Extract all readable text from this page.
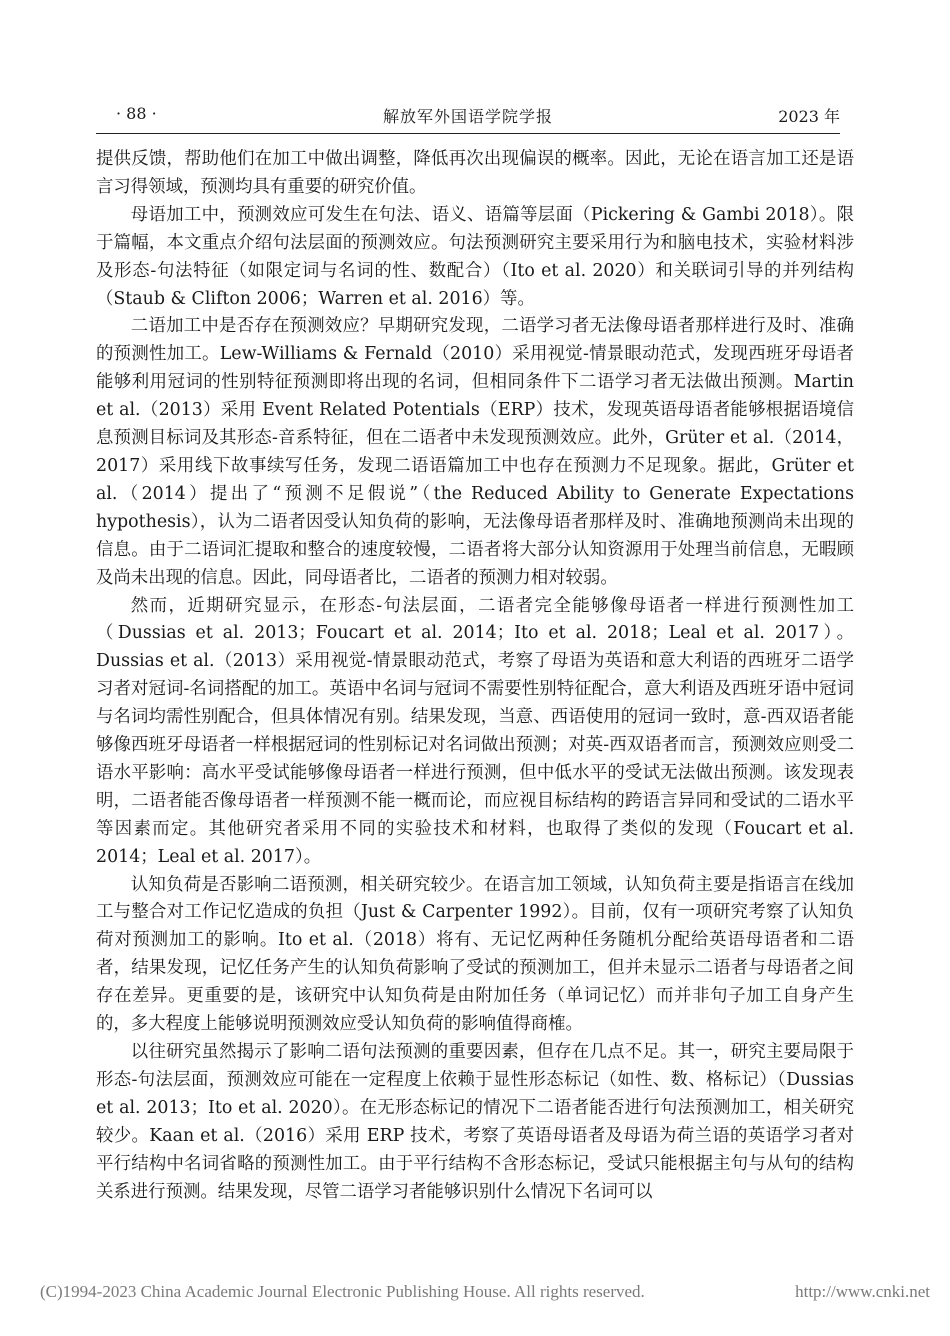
· 88 ·	解放军外国语学院学报	2023 年

提供反馈，帮助他们在加工中做出调整，降低再次出现偏误的概率。因此，无论在语言加工还是语言习得领域，预测均具有重要的研究价值。

母语加工中，预测效应可发生在句法、语义、语篇等层面（Pickering & Gambi 2018）。限于篇幅，本文重点介绍句法层面的预测效应。句法预测研究主要采用行为和脑电技术，实验材料涉及形态-句法特征（如限定词与名词的性、数配合）（Ito et al. 2020）和关联词引导的并列结构（Staub & Clifton 2006；Warren et al. 2016）等。

二语加工中是否存在预测效应？早期研究发现，二语学习者无法像母语者那样进行及时、准确的预测性加工。Lew-Williams & Fernald（2010）采用视觉-情景眼动范式，发现西班牙母语者能够利用冠词的性别特征预测即将出现的名词，但相同条件下二语学习者无法做出预测。Martin et al.（2013）采用 Event Related Potentials（ERP）技术，发现英语母语者能够根据语境信息预测目标词及其形态-音系特征，但在二语者中未发现预测效应。此外，Grüter et al.（2014，2017）采用线下故事续写任务，发现二语语篇加工中也存在预测力不足现象。据此，Grüter et al.（2014）提出了“预测不足假说”（the Reduced Ability to Generate Expectations hypothesis），认为二语者因受认知负荷的影响，无法像母语者那样及时、准确地预测尚未出现的信息。由于二语词汇提取和整合的速度较慢，二语者将大部分认知资源用于处理当前信息，无暇顾及尚未出现的信息。因此，同母语者比，二语者的预测力相对较弱。

然而，近期研究显示，在形态-句法层面，二语者完全能够像母语者一样进行预测性加工（Dussias et al. 2013；Foucart et al. 2014；Ito et al. 2018；Leal et al. 2017）。Dussias et al.（2013）采用视觉-情景眼动范式，考察了母语为英语和意大利语的西班牙二语学习者对冠词-名词搭配的加工。英语中名词与冠词不需要性别特征配合，意大利语及西班牙语中冠词与名词均需性别配合，但具体情况有别。结果发现，当意、西语使用的冠词一致时，意-西双语者能够像西班牙母语者一样根据冠词的性别标记对名词做出预测；对英-西双语者而言，预测效应则受二语水平影响：高水平受试能够像母语者一样进行预测，但中低水平的受试无法做出预测。该发现表明，二语者能否像母语者一样预测不能一概而论，而应视目标结构的跨语言异同和受试的二语水平等因素而定。其他研究者采用不同的实验技术和材料，也取得了类似的发现（Foucart et al. 2014；Leal et al. 2017）。

认知负荷是否影响二语预测，相关研究较少。在语言加工领域，认知负荷主要是指语言在线加工与整合对工作记忆造成的负担（Just & Carpenter 1992）。目前，仅有一项研究考察了认知负荷对预测加工的影响。Ito et al.（2018）将有、无记忆两种任务随机分配给英语母语者和二语者，结果发现，记忆任务产生的认知负荷影响了受试的预测加工，但并未显示二语者与母语者之间存在差异。更重要的是，该研究中认知负荷是由附加任务（单词记忆）而并非句子加工自身产生的，多大程度上能够说明预测效应受认知负荷的影响值得商榷。

以往研究虽然揭示了影响二语句法预测的重要因素，但存在几点不足。其一，研究主要局限于形态-句法层面，预测效应可能在一定程度上依赖于显性形态标记（如性、数、格标记）（Dussias et al. 2013；Ito et al. 2020）。在无形态标记的情况下二语者能否进行句法预测加工，相关研究较少。Kaan et al.（2016）采用 ERP 技术，考察了英语母语者及母语为荷兰语的英语学习者对平行结构中名词省略的预测性加工。由于平行结构不含形态标记，受试只能根据主句与从句的结构关系进行预测。结果发现，尽管二语学习者能够识别什么情况下名词可以

(C)1994-2023 China Academic Journal Electronic Publishing House. All rights reserved.	http://www.cnki.net
